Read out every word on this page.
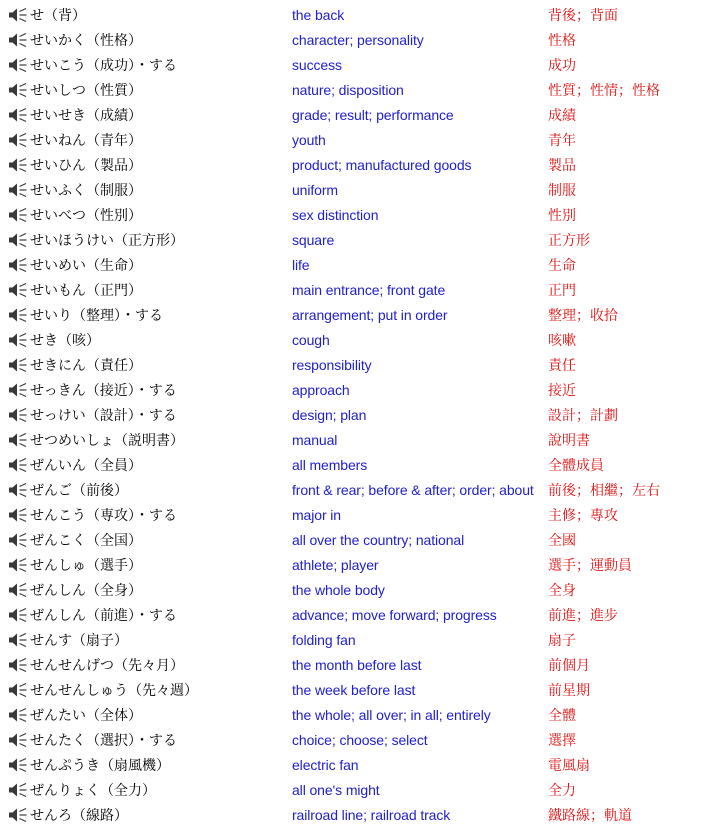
せ（背）	the back	背後；背面
せいかく（性格）	character; personality	性格
せいこう（成功）・する	success	成功
せいしつ（性質）	nature; disposition	性質；性情；性格
せいせき（成績）	grade; result; performance	成績
せいねん（青年）	youth	青年
せいひん（製品）	product; manufactured goods	製品
せいふく（制服）	uniform	制服
せいべつ（性別）	sex distinction	性別
せいほうけい（正方形）	square	正方形
せいめい（生命）	life	生命
せいもん（正門）	main entrance; front gate	正門
せいり（整理）・する	arrangement; put in order	整理；收拾
せき（咳）	cough	咳嗽
せきにん（責任）	responsibility	責任
せっきん（接近）・する	approach	接近
せっけい（設計）・する	design; plan	設計；計劃
せつめいしょ（説明書）	manual	說明書
ぜんいん（全員）	all members	全體成員
ぜんご（前後）	front & rear; before & after; order; about	前後；相繼；左右
せんこう（専攻）・する	major in	主修；專攻
ぜんこく（全国）	all over the country; national	全國
せんしゅ（選手）	athlete; player	選手；運動員
ぜんしん（全身）	the whole body	全身
ぜんしん（前進）・する	advance; move forward; progress	前進；進步
せんす（扇子）	folding fan	扇子
せんせんげつ（先々月）	the month before last	前個月
せんせんしゅう（先々週）	the week before last	前星期
ぜんたい（全体）	the whole; all over; in all; entirely	全體
せんたく（選択）・する	choice; choose; select	選擇
せんぷうき（扇風機）	electric fan	電風扇
ぜんりょく（全力）	all one's might	全力
せんろ（線路）	railroad line; railroad track	鐵路線；軌道
